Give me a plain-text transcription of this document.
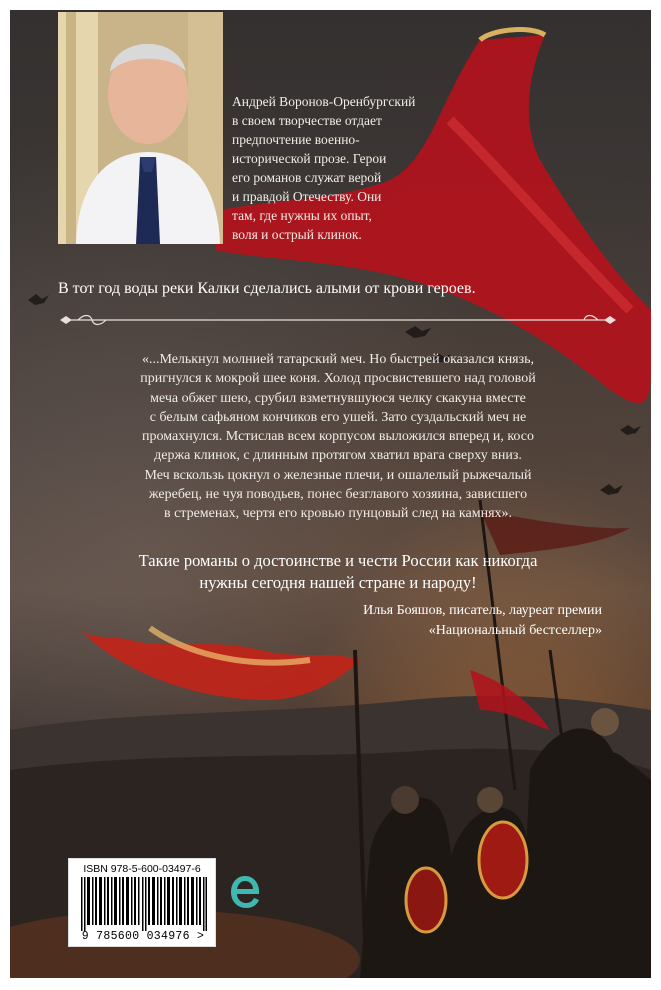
Андрей Воронов-Оренбургский
в своем творчестве отдает
предпочтение военно-
исторической прозе. Герои
его романов служат верой
и правдой Отечеству. Они
там, где нужны их опыт,
воля и острый клинок.
В тот год воды реки Калки сделались алыми от крови героев.
«...Мелькнул молнией татарский меч. Но быстрей оказался князь,
пригнулся к мокрой шее коня. Холод просвистевшего над головой
меча обжег шею, срубил взметнувшуюся челку скакуна вместе
с белым сафьяном кончиков его ушей. Зато суздальский меч не
промахнулся. Мстислав всем корпусом выложился вперед и, косо
держа клинок, с длинным протягом хватил врага сверху вниз.
Меч вскользь цокнул о железные плечи, и ошалелый рыжечалый
жеребец, не чуя поводьев, понес безглавого хозяина, зависшего
в стременах, чертя его кровью пунцовый след на камнях».
Такие романы о достоинстве и чести России как никогда
нужны сегодня нашей стране и народу!
Илья Бояшов, писатель, лауреат премии
«Национальный бестселлер»
ISBN 978-5-600-03497-6
9 785600 034976 >
